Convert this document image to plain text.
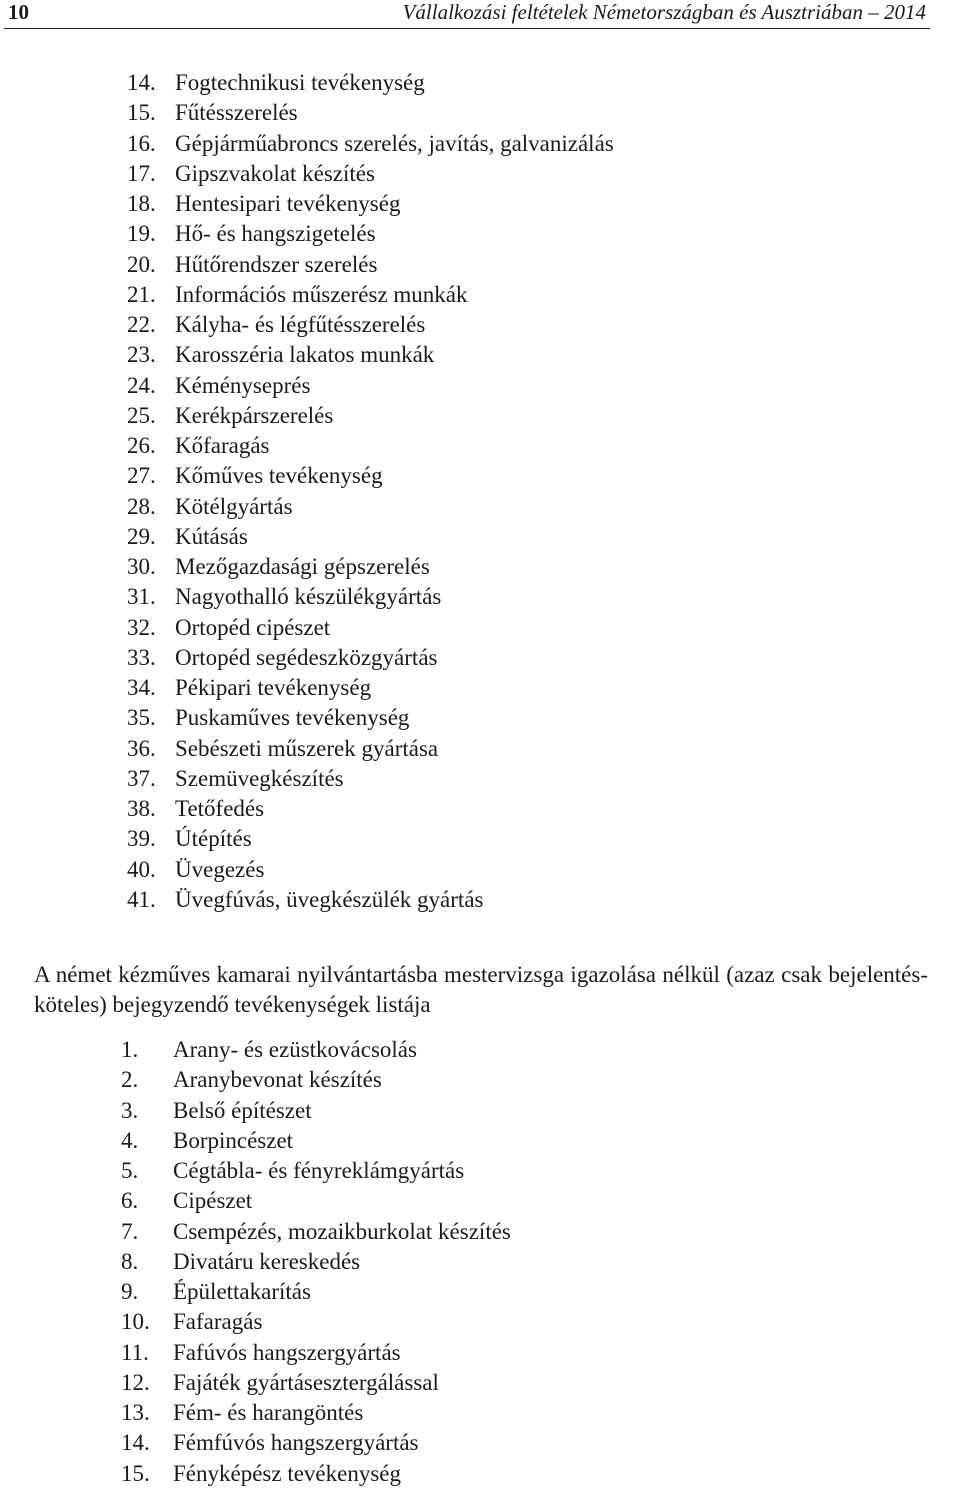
10	Vállalkozási feltételek Németországban és Ausztriában – 2014
14. Fogtechnikusi tevékenység
15. Fűtésszerelés
16. Gépjárműabroncs szerelés, javítás, galvanizálás
17. Gipszvakolat készítés
18. Hentesipari tevékenység
19. Hő- és hangszigetelés
20. Hűtőrendszer szerelés
21. Információs műszerész munkák
22. Kályha- és légfűtésszerelés
23. Karosszéria lakatos munkák
24. Kéményseprés
25. Kerékpárszerelés
26. Kőfaragás
27. Kőműves tevékenység
28. Kötélgyártás
29. Kútásás
30. Mezőgazdasági gépszerelés
31. Nagyothalló készülékgyártás
32. Ortopéd cipészet
33. Ortopéd segédeszközgyártás
34. Pékipari tevékenység
35. Puskaműves tevékenység
36. Sebészeti műszerek gyártása
37. Szemüvegkészítés
38. Tetőfedés
39. Útépítés
40. Üvegezés
41. Üvegfúvás, üvegkészülék gyártás

A német kézműves kamarai nyilvántartásba mestervizsga igazolása nélkül (azaz csak bejelentés-köteles) bejegyzendő tevékenységek listája

1.	Arany- és ezüstkovácsolás
2.	Aranybevonat készítés
3.	Belső építészet
4.	Borpincészet
5.	Cégtábla- és fényreklámgyártás
6.	Cipészet
7.	Csempézés, mozaikburkolat készítés
8.	Divatáru kereskedés
9.	Épülettakarítás
10.	Fafaragás
11.	Fafúvós hangszergyártás
12.	Fajáték gyártásesztergálással
13.	Fém- és harangöntés
14.	Fémfúvós hangszergyártás
15.	Fényképész tevékenység
